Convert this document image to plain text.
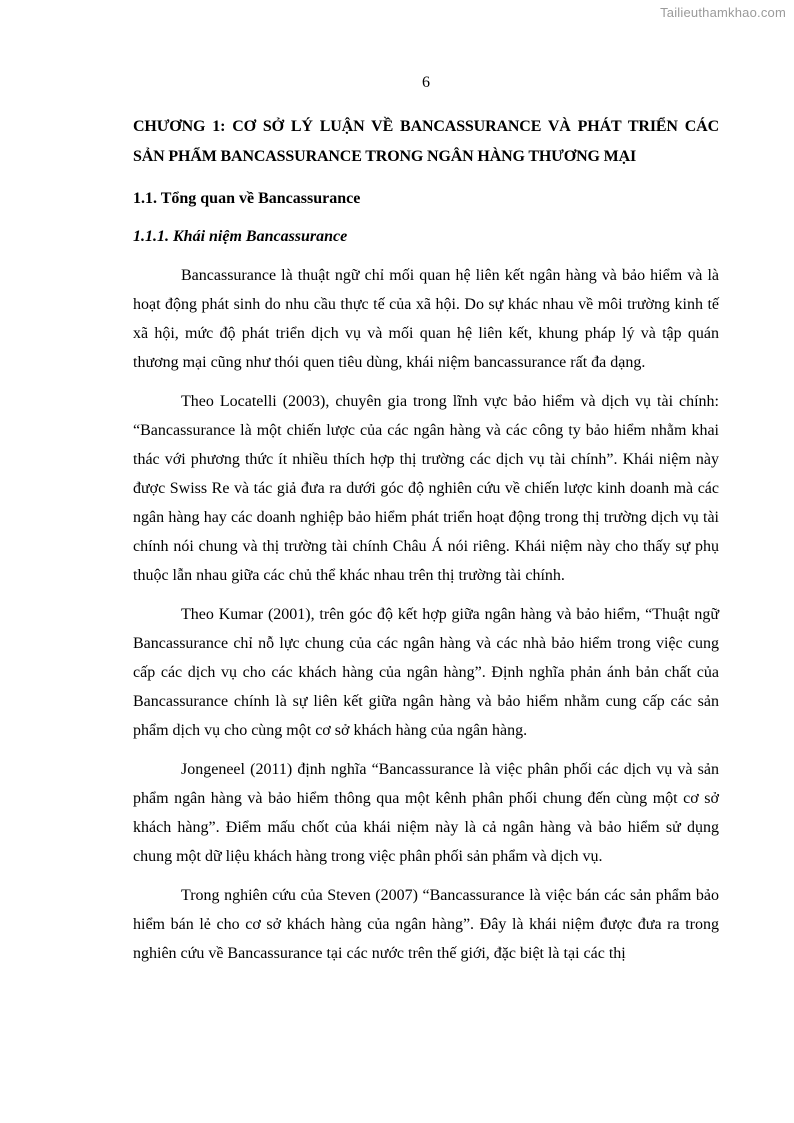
Tailieuthamkhao.com
6
CHƯƠNG 1: CƠ SỞ LÝ LUẬN VỀ BANCASSURANCE VÀ PHÁT TRIỂN CÁC SẢN PHẨM BANCASSURANCE TRONG NGÂN HÀNG THƯƠNG MẠI
1.1. Tổng quan về Bancassurance
1.1.1. Khái niệm Bancassurance

Bancassurance là thuật ngữ chỉ mối quan hệ liên kết ngân hàng và bảo hiểm và là hoạt động phát sinh do nhu cầu thực tế của xã hội. Do sự khác nhau về môi trường kinh tế xã hội, mức độ phát triển dịch vụ và mối quan hệ liên kết, khung pháp lý và tập quán thương mại cũng như thói quen tiêu dùng, khái niệm bancassurance rất đa dạng.

Theo Locatelli (2003), chuyên gia trong lĩnh vực bảo hiểm và dịch vụ tài chính: “Bancassurance là một chiến lược của các ngân hàng và các công ty bảo hiểm nhằm khai thác với phương thức ít nhiều thích hợp thị trường các dịch vụ tài chính”. Khái niệm này được Swiss Re và tác giả đưa ra dưới góc độ nghiên cứu về chiến lược kinh doanh mà các ngân hàng hay các doanh nghiệp bảo hiểm phát triển hoạt động trong thị trường dịch vụ tài chính nói chung và thị trường tài chính Châu Á nói riêng. Khái niệm này cho thấy sự phụ thuộc lẫn nhau giữa các chủ thể khác nhau trên thị trường tài chính.

Theo Kumar (2001), trên góc độ kết hợp giữa ngân hàng và bảo hiểm, “Thuật ngữ Bancassurance chỉ nỗ lực chung của các ngân hàng và các nhà bảo hiểm trong việc cung cấp các dịch vụ cho các khách hàng của ngân hàng”. Định nghĩa phản ánh bản chất của Bancassurance chính là sự liên kết giữa ngân hàng và bảo hiểm nhằm cung cấp các sản phẩm dịch vụ cho cùng một cơ sở khách hàng của ngân hàng.

Jongeneel (2011) định nghĩa “Bancassurance là việc phân phối các dịch vụ và sản phẩm ngân hàng và bảo hiểm thông qua một kênh phân phối chung đến cùng một cơ sở khách hàng”. Điểm mấu chốt của khái niệm này là cả ngân hàng và bảo hiểm sử dụng chung một dữ liệu khách hàng trong việc phân phối sản phẩm và dịch vụ.

Trong nghiên cứu của Steven (2007) “Bancassurance là việc bán các sản phẩm bảo hiểm bán lẻ cho cơ sở khách hàng của ngân hàng”. Đây là khái niệm được đưa ra trong nghiên cứu về Bancassurance tại các nước trên thế giới, đặc biệt là tại các thị
